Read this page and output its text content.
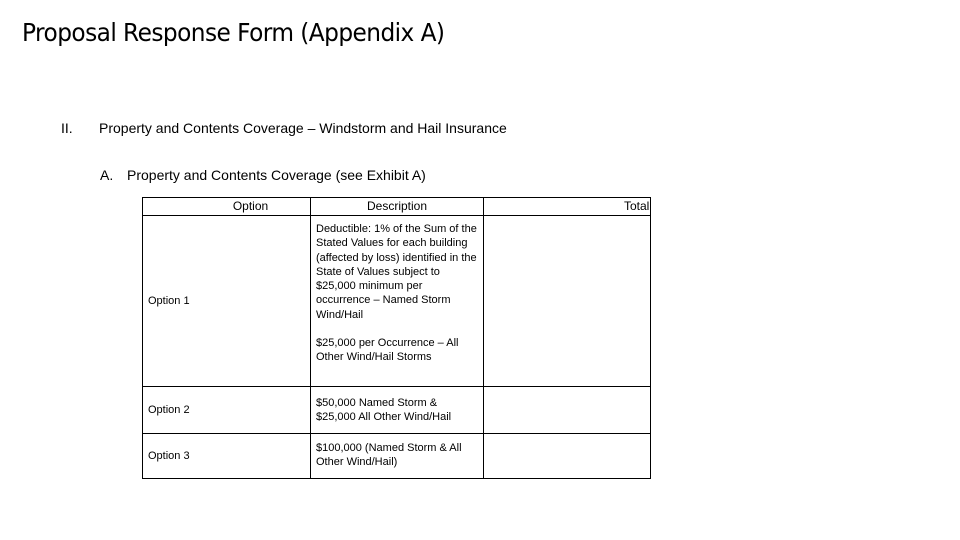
Proposal Response Form (Appendix A)
II. Property and Contents Coverage – Windstorm and Hail Insurance
A. Property and Contents Coverage (see Exhibit A)
Option	Description	Total
Option 1

Deductible: 1% of the Sum of the Stated Values for each building (affected by loss) identified in the State of Values subject to $25,000 minimum per occurrence – Named Storm Wind/Hail

$25,000 per Occurrence – All Other Wind/Hail Storms

Option 2

$50,000 Named Storm & $25,000 All Other Wind/Hail

Option 3

$100,000 (Named Storm & All Other Wind/Hail)
